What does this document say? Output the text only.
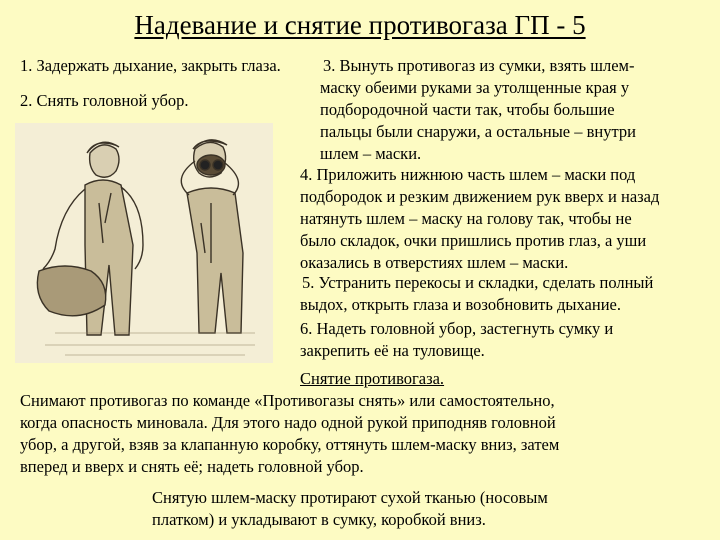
Надевание и снятие противогаза ГП - 5
1. Задержать дыхание, закрыть глаза.
2. Снять головной убор.
3. Вынуть противогаз из сумки, взять шлем-
маску обеими руками за утолщенные края у
подбородочной части так, чтобы большие
пальцы были снаружи, а остальные – внутри
шлем – маски.
4. Приложить нижнюю часть шлем – маски под
подбородок и резким движением рук вверх и назад
натянуть шлем – маску на голову так, чтобы не
было складок, очки пришлись против глаз, а уши
оказались в отверстиях шлем – маски.
5. Устранить перекосы и складки, сделать полный
выдох, открыть глаза и возобновить дыхание.
6. Надеть головной убор, застегнуть сумку и
закрепить её на туловище.
Снятие противогаза.
Снимают противогаз по команде «Противогазы снять» или самостоятельно,
когда опасность миновала. Для этого надо одной рукой приподняв головной
убор, а другой, взяв за клапанную коробку, оттянуть шлем-маску вниз, затем
вперед и вверх и снять её; надеть головной убор.
Снятую шлем-маску протирают сухой тканью (носовым
платком) и укладывают в сумку, коробкой вниз.
